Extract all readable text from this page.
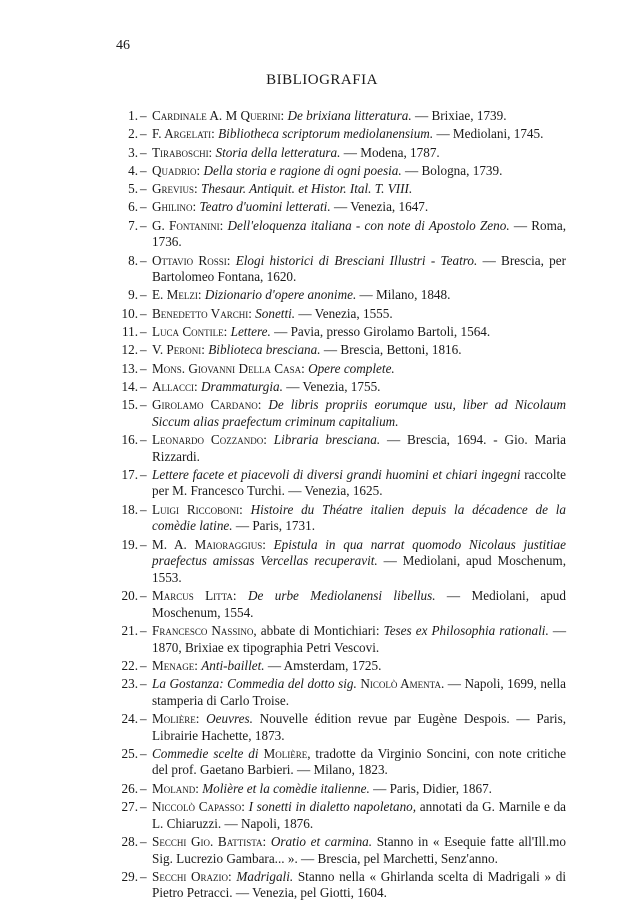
46
BIBLIOGRAFIA
1. – Cardinale A. M Querini: De brixiana litteratura. — Brixiae, 1739.
2. – F. Argelati: Bibliotheca scriptorum mediolanensium. — Mediolani, 1745.
3. – Tiraboschi: Storia della letteratura. — Modena, 1787.
4. – Quadrio: Della storia e ragione di ogni poesia. — Bologna, 1739.
5. – Grevius: Thesaur. Antiquit. et Histor. Ital. T. VIII.
6. – Ghilino: Teatro d'uomini letterati. — Venezia, 1647.
7. – G. Fontanini: Dell'eloquenza italiana - con note di Apostolo Zeno. — Roma, 1736.
8. – Ottavio Rossi: Elogi historici di Bresciani Illustri - Teatro. — Brescia, per Bartolomeo Fontana, 1620.
9. – E. Melzi: Dizionario d'opere anonime. — Milano, 1848.
10. – Benedetto Varchi: Sonetti. — Venezia, 1555.
11. – Luca Contile: Lettere. — Pavia, presso Girolamo Bartoli, 1564.
12. – V. Peroni: Biblioteca bresciana. — Brescia, Bettoni, 1816.
13. – Mons. Giovanni Della Casa: Opere complete.
14. – Allacci: Drammaturgia. — Venezia, 1755.
15. – Girolamo Cardano: De libris propriis eorumque usu, liber ad Nicolaum Siccum alias praefectum criminum capitalium.
16. – Leonardo Cozzando: Libraria bresciana. — Brescia, 1694. - Gio. Maria Rizzardi.
17. – Lettere facete et piacevoli di diversi grandi huomini et chiari ingegni raccolte per M. Francesco Turchi. — Venezia, 1625.
18. – Luigi Riccoboni: Histoire du Théatre italien depuis la décadence de la comèdie latine. — Paris, 1731.
19. – M. A. Maioraggius: Epistula in qua narrat quomodo Nicolaus justitiae praefectus amissas Vercellas recuperavit. — Mediolani, apud Moschenum, 1553.
20. – Marcus Litta: De urbe Mediolanensi libellus. — Mediolani, apud Moschenum, 1554.
21. – Francesco Nassino, abbate di Montichiari: Teses ex Philosophia rationali. — 1870, Brixiae ex tipographia Petri Vescovi.
22. – Menage: Anti-baillet. — Amsterdam, 1725.
23. – La Gostanza: Commedia del dotto sig. Nicolò Amenta. — Napoli, 1699, nella stamperia di Carlo Troise.
24. – Molière: Oeuvres. Nouvelle édition revue par Eugène Despois. — Paris, Librairie Hachette, 1873.
25. – Commedie scelte di Molière, tradotte da Virginio Soncini, con note critiche del prof. Gaetano Barbieri. — Milano, 1823.
26. – Moland: Molière et la comèdie italienne. — Paris, Didier, 1867.
27. – Niccolò Capasso: I sonetti in dialetto napoletano, annotati da G. Marnile e da L. Chiaruzzi. — Napoli, 1876.
28. – Secchi Gio. Battista: Oratio et carmina. Stanno in « Esequie fatte all'Ill.mo Sig. Lucrezio Gambara... ». — Brescia, pel Marchetti, Senz'anno.
29. – Secchi Orazio: Madrigali. Stanno nella « Ghirlanda scelta di Madrigali » di Pietro Petracci. — Venezia, pel Giotti, 1604.
